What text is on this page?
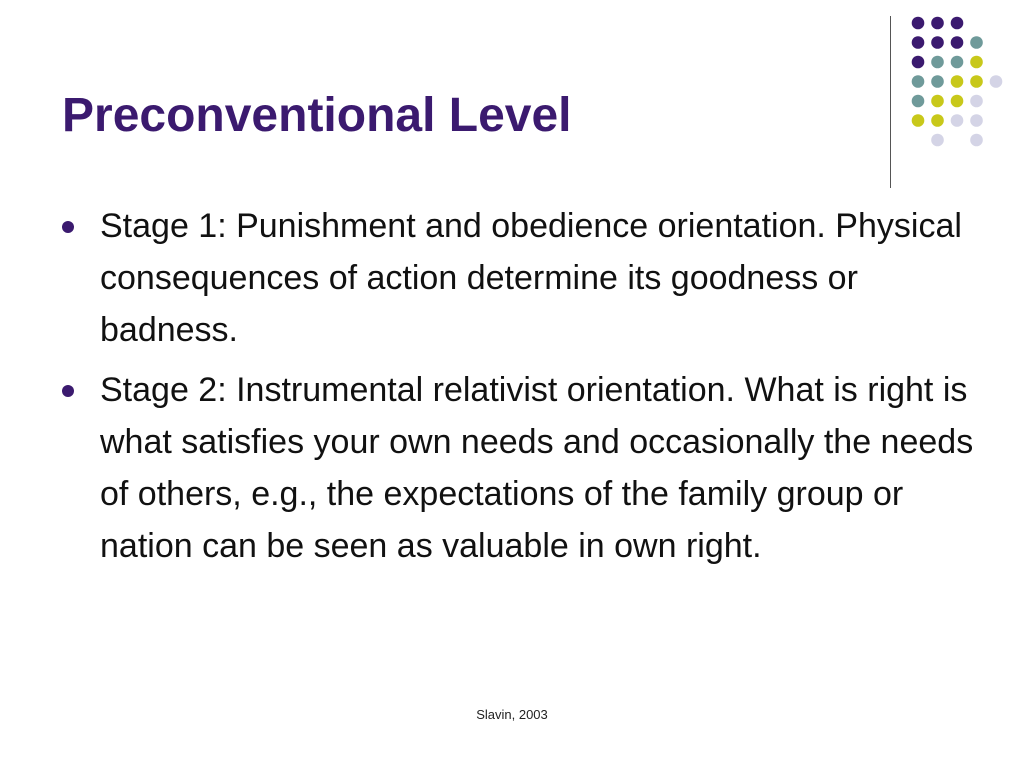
Preconventional Level
Stage 1: Punishment and obedience orientation. Physical consequences of action determine its goodness or badness.
Stage 2: Instrumental relativist orientation. What is right is what satisfies your own needs and occasionally the needs of others, e.g., the expectations of the family group or nation can be seen as valuable in own right.
Slavin, 2003
